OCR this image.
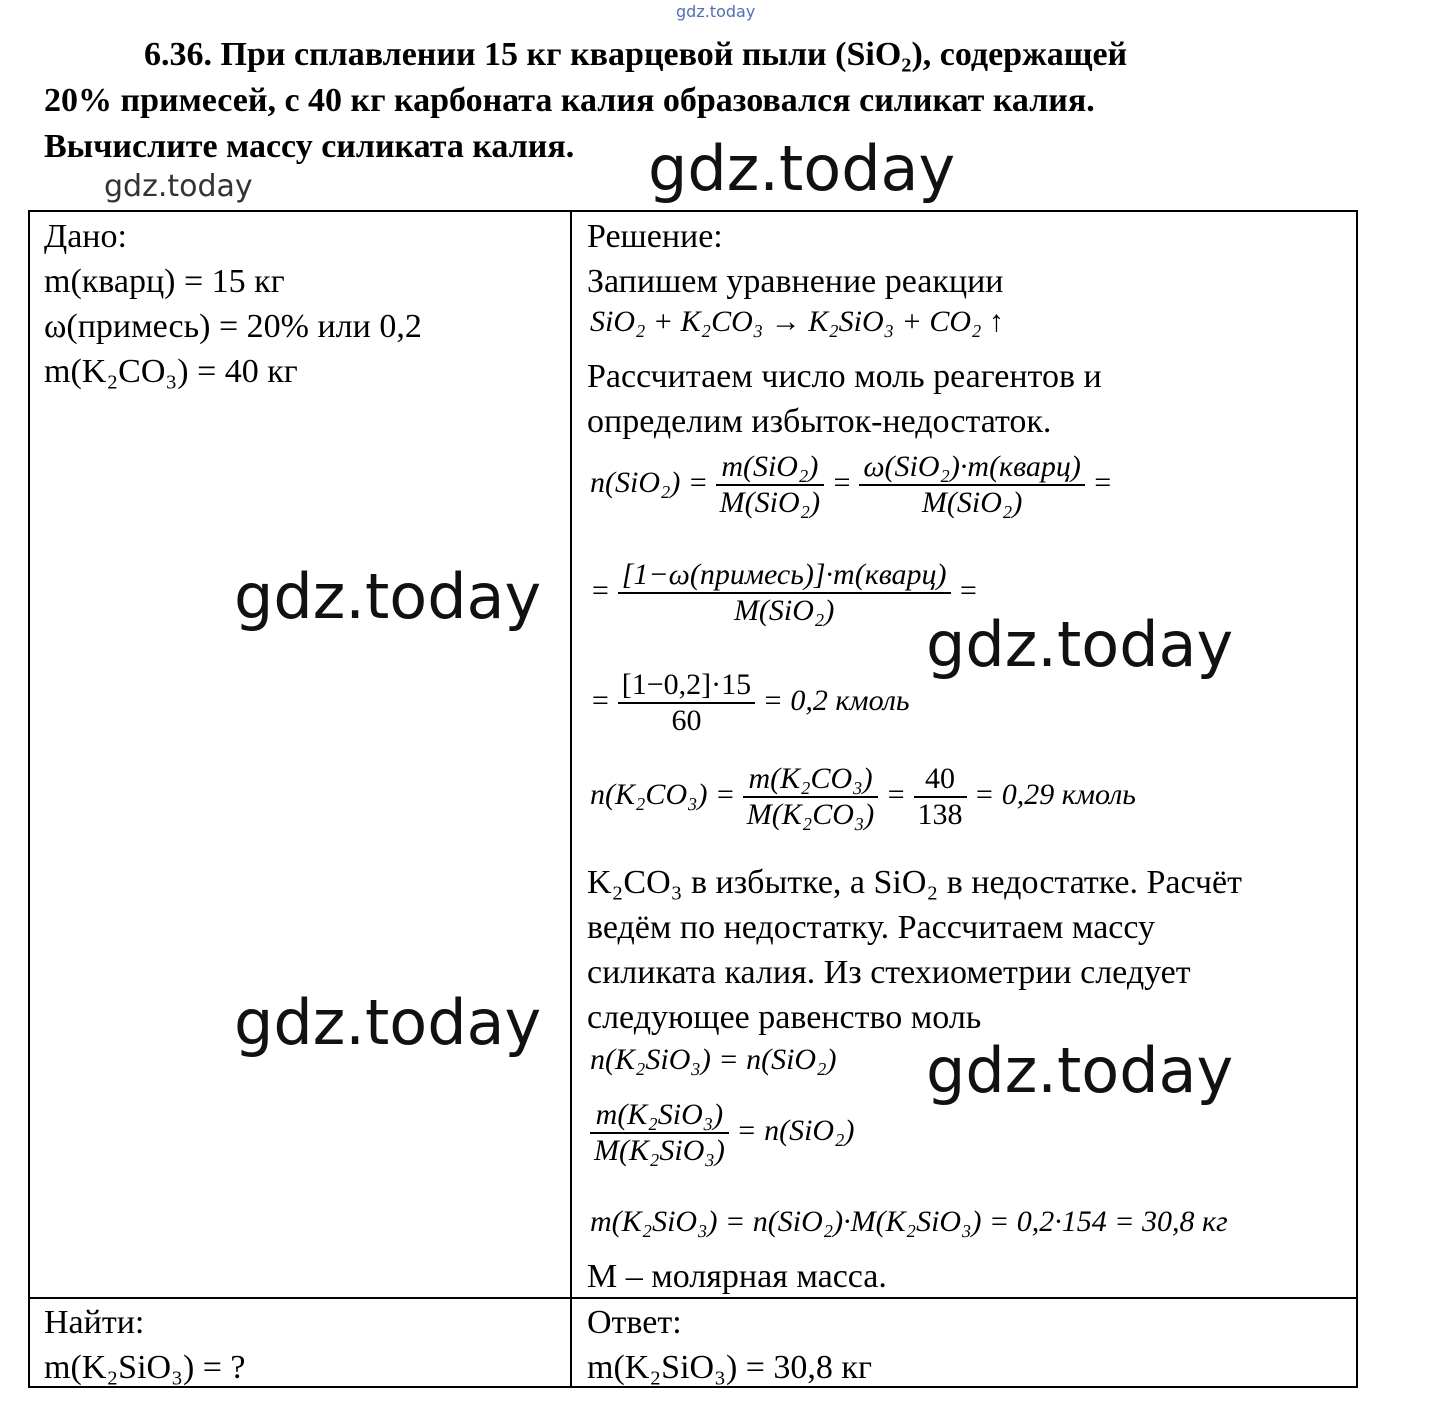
gdz.today
gdz.today
6.36. При сплавлении 15 кг кварцевой пыли (SiO₂), содержащей
20% примесей, с 40 кг карбоната калия образовался силикат калия.
Вычислите массу силиката калия.
Дано:
m(кварц) = 15 кг
ω(примесь) = 20% или 0,2
m(K₂CO₃) = 40 кг
Решение:
Запишем уравнение реакции
SiO₂ + K₂CO₃ → K₂SiO₃ + CO₂ ↑
Рассчитаем число моль реагентов и
определим избыток-недостаток.
$n(SiO_2) = \frac{\text{m(SiO₂)}}{\text{M(SiO₂)}} = \frac{\text{ω(SiO₂)·m(кварц)}}{\text{M(SiO₂)}}$ =
= $\frac{\text{[1−ω(примесь)]·m(кварц)}}{\text{M(SiO₂)}}$ =
= $\frac{[1-0,2]\cdot 15}{60} = 0,2$ кмоль
$n(K_2CO_3) = \frac{\text{m(K₂CO₃)}}{\text{M(K₂CO₃)}} = \frac{40}{138} = 0,29$ кмоль
K₂CO₃ в избытке, а SiO₂ в недостатке. Расчёт
ведём по недостатку. Рассчитаем массу
силиката калия. Из стехиометрии следует
следующее равенство моль
n(K₂SiO₃) = n(SiO₂)
$\frac{\text{m(K₂SiO₃)}}{\text{M(K₂SiO₃)}} = n(SiO_2)$
m(K₂SiO₃) = n(SiO₂)·M(K₂SiO₃) = 0,2·154 = 30,8 кг
M – молярная масса.
Найти:
m(K₂SiO₃) = ?
Ответ:
m(K₂SiO₃) = 30,8 кг
gdz.today
gdz.today
gdz.today
gdz.today
gdz.today
